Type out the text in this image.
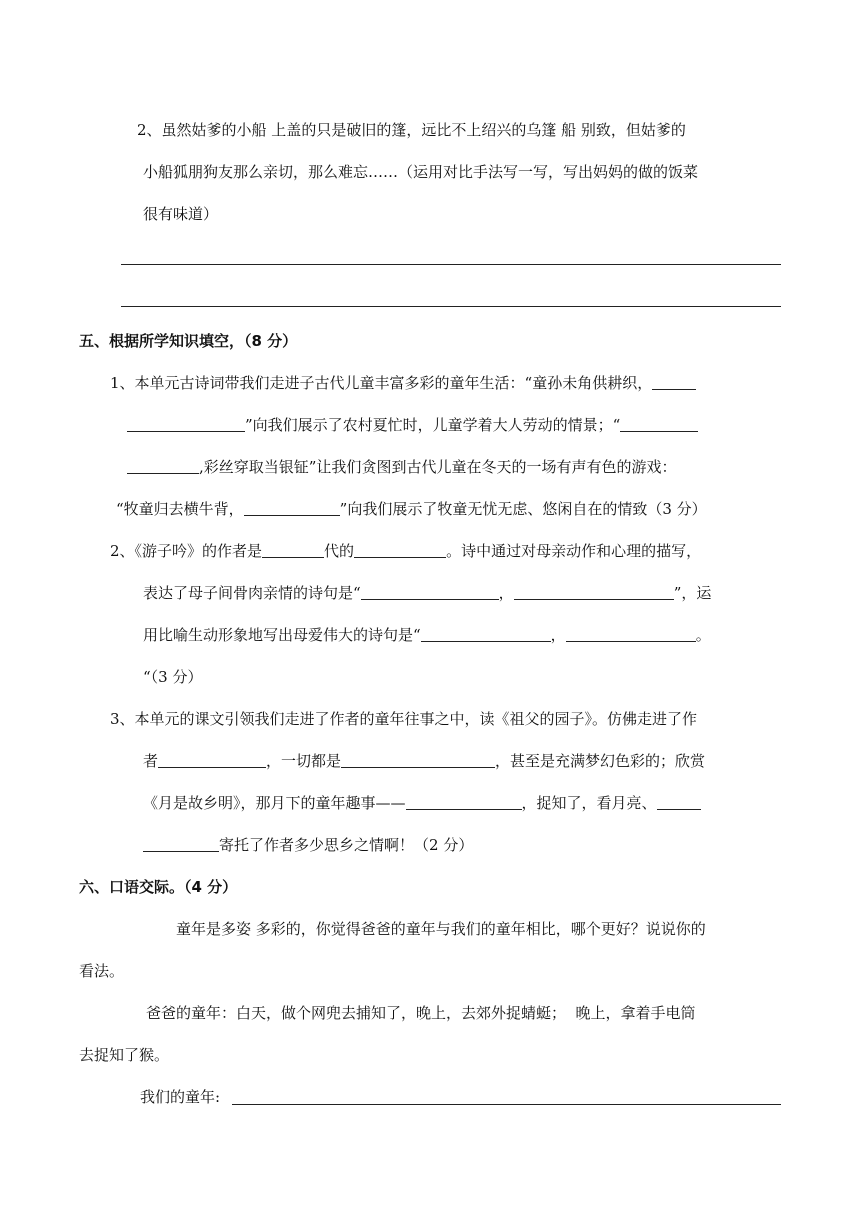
2、虽然姑爹的小船 上盖的只是破旧的篷，远比不上绍兴的乌篷 船 别致，但姑爹的
小船狐朋狗友那么亲切，那么难忘……（运用对比手法写一写，写出妈妈的做的饭菜
很有味道）
五、根据所学知识填空，（8 分）
1、本单元古诗词带我们走进子古代儿童丰富多彩的童年生活：“童孙未角供耕织，
”向我们展示了农村夏忙时，儿童学着大人劳动的情景；“
,彩丝穿取当银钲”让我们贪图到古代儿童在冬天的一场有声有色的游戏：
“牧童归去横牛背，	”向我们展示了牧童无忧无虑、悠闲自在的情致（3 分）
2、《游子吟》的作者是	代的	。诗中通过对母亲动作和心理的描写，
表达了母子间骨肉亲情的诗句是“	，	”，运
用比喻生动形象地写出母爱伟大的诗句是“	，	。
“（3 分）
3、本单元的课文引领我们走进了作者的童年往事之中，读《祖父的园子》。仿佛走进了作
者	，一切都是	，甚至是充满梦幻色彩的；欣赏
《月是故乡明》，那月下的童年趣事——	，捉知了，看月亮、
寄托了作者多少思乡之情啊！（2 分）
六、口语交际。（4 分）
童年是多姿 多彩的，你觉得爸爸的童年与我们的童年相比，哪个更好？说说你的
看法。
爸爸的童年：白天，做个网兜去捕知了，晚上，去郊外捉蜻蜓；  晚上，拿着手电筒
去捉知了猴。
我们的童年:
